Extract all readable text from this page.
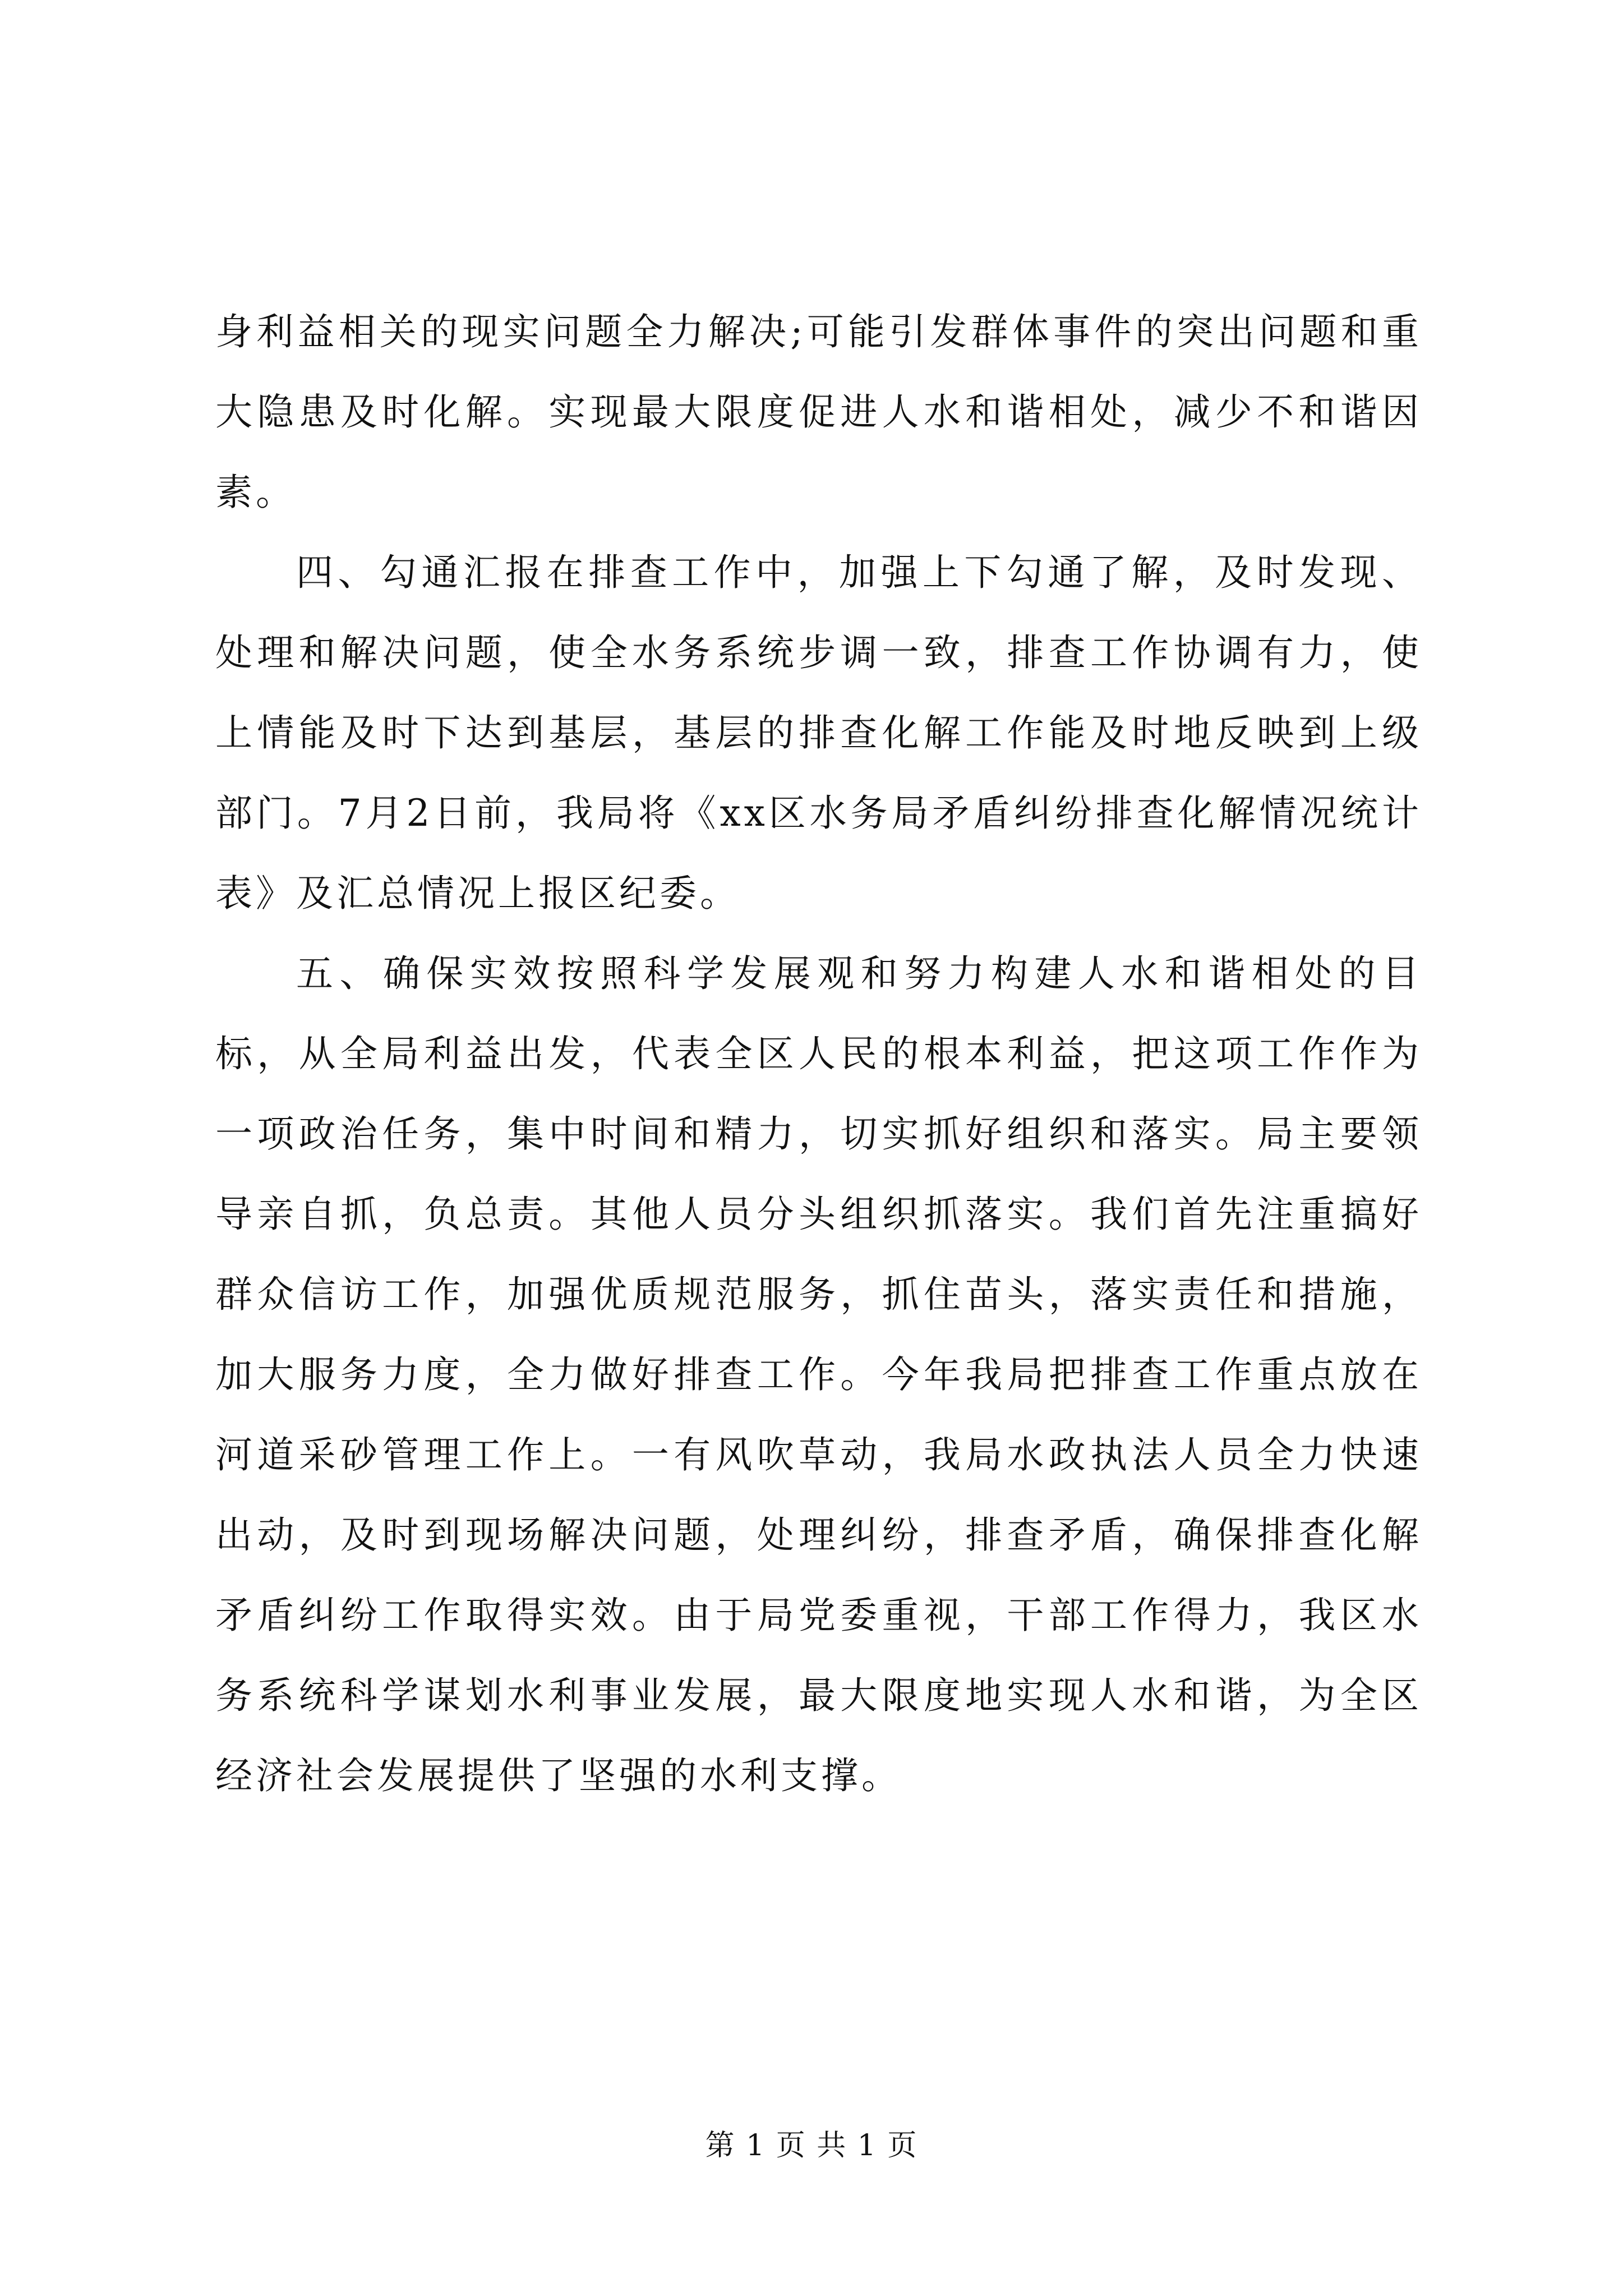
身利益相关的现实问题全力解决;可能引发群体事件的突出问题和重大隐患及时化解。实现最大限度促进人水和谐相处，减少不和谐因素。

四、勾通汇报在排查工作中，加强上下勾通了解，及时发现、处理和解决问题，使全水务系统步调一致，排查工作协调有力，使上情能及时下达到基层，基层的排查化解工作能及时地反映到上级部门。7月2日前，我局将《xx区水务局矛盾纠纷排查化解情况统计表》及汇总情况上报区纪委。

五、确保实效按照科学发展观和努力构建人水和谐相处的目标，从全局利益出发，代表全区人民的根本利益，把这项工作作为一项政治任务，集中时间和精力，切实抓好组织和落实。局主要领导亲自抓，负总责。其他人员分头组织抓落实。我们首先注重搞好群众信访工作，加强优质规范服务，抓住苗头，落实责任和措施，加大服务力度，全力做好排查工作。今年我局把排查工作重点放在河道采砂管理工作上。一有风吹草动，我局水政执法人员全力快速出动，及时到现场解决问题，处理纠纷，排查矛盾，确保排查化解矛盾纠纷工作取得实效。由于局党委重视，干部工作得力，我区水务系统科学谋划水利事业发展，最大限度地实现人水和谐，为全区经济社会发展提供了坚强的水利支撑。

第 1 页 共 1 页
